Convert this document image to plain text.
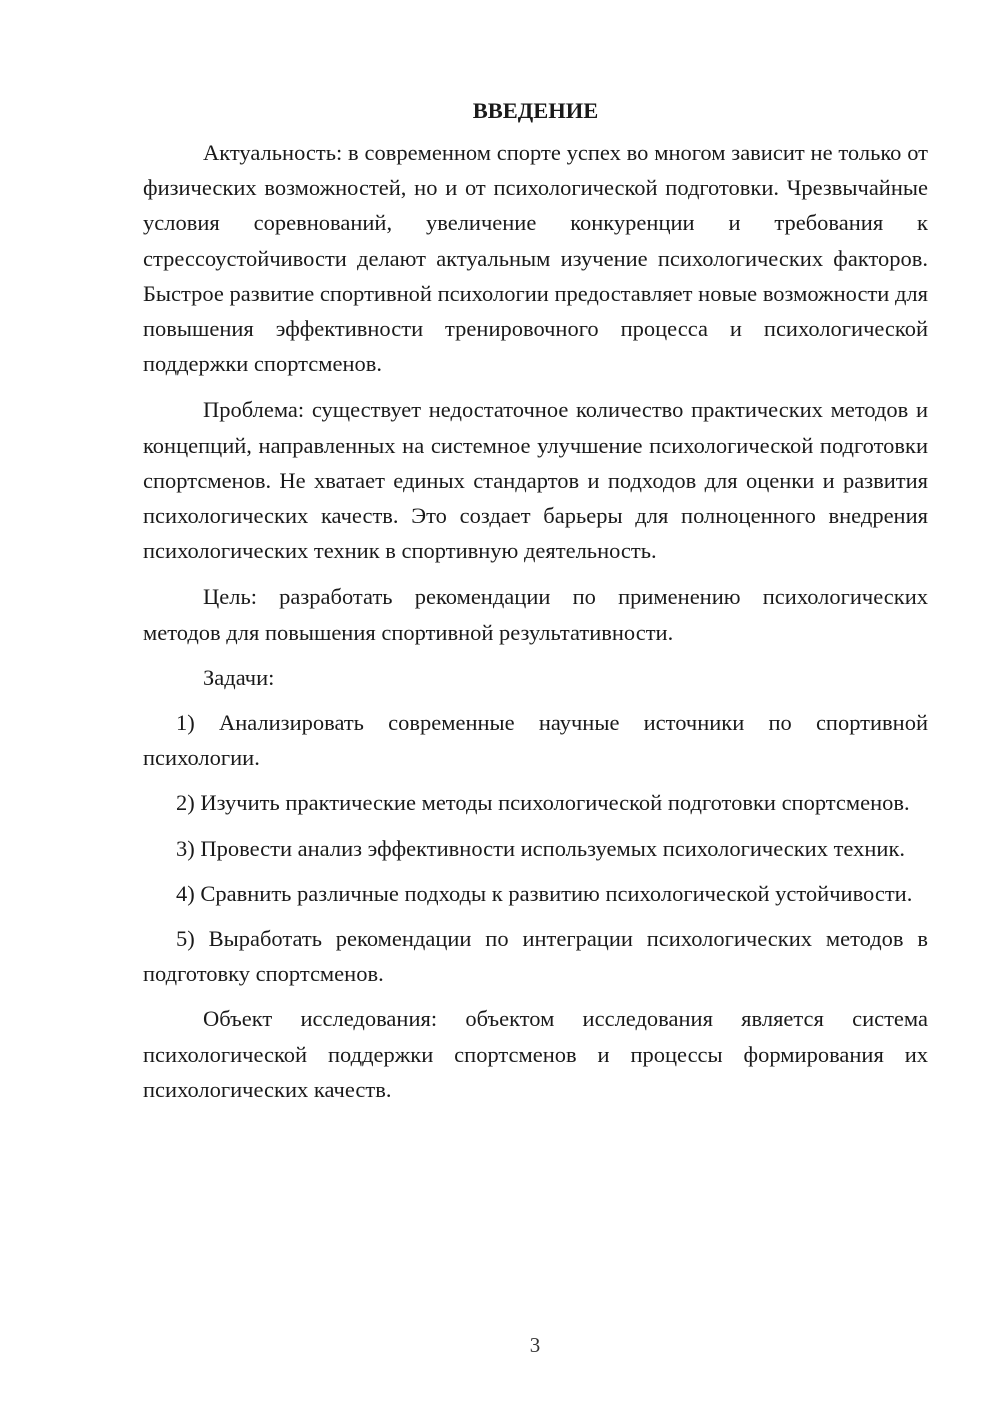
ВВЕДЕНИЕ

Актуальность: в современном спорте успех во многом зависит не только от физических возможностей, но и от психологической подготовки. Чрезвычайные условия соревнований, увеличение конкуренции и требования к стрессоустойчивости делают актуальным изучение психологических факторов. Быстрое развитие спортивной психологии предоставляет новые возможности для повышения эффективности тренировочного процесса и психологической поддержки спортсменов.

Проблема: существует недостаточное количество практических методов и концепций, направленных на системное улучшение психологической подготовки спортсменов. Не хватает единых стандартов и подходов для оценки и развития психологических качеств. Это создает барьеры для полноценного внедрения психологических техник в спортивную деятельность.

Цель: разработать рекомендации по применению психологических методов для повышения спортивной результативности.

Задачи:

1) Анализировать современные научные источники по спортивной психологии.

2) Изучить практические методы психологической подготовки спортсменов.

3) Провести анализ эффективности используемых психологических техник.

4) Сравнить различные подходы к развитию психологической устойчивости.

5) Выработать рекомендации по интеграции психологических методов в подготовку спортсменов.

Объект исследования: объектом исследования является система психологической поддержки спортсменов и процессы формирования их психологических качеств.

3
